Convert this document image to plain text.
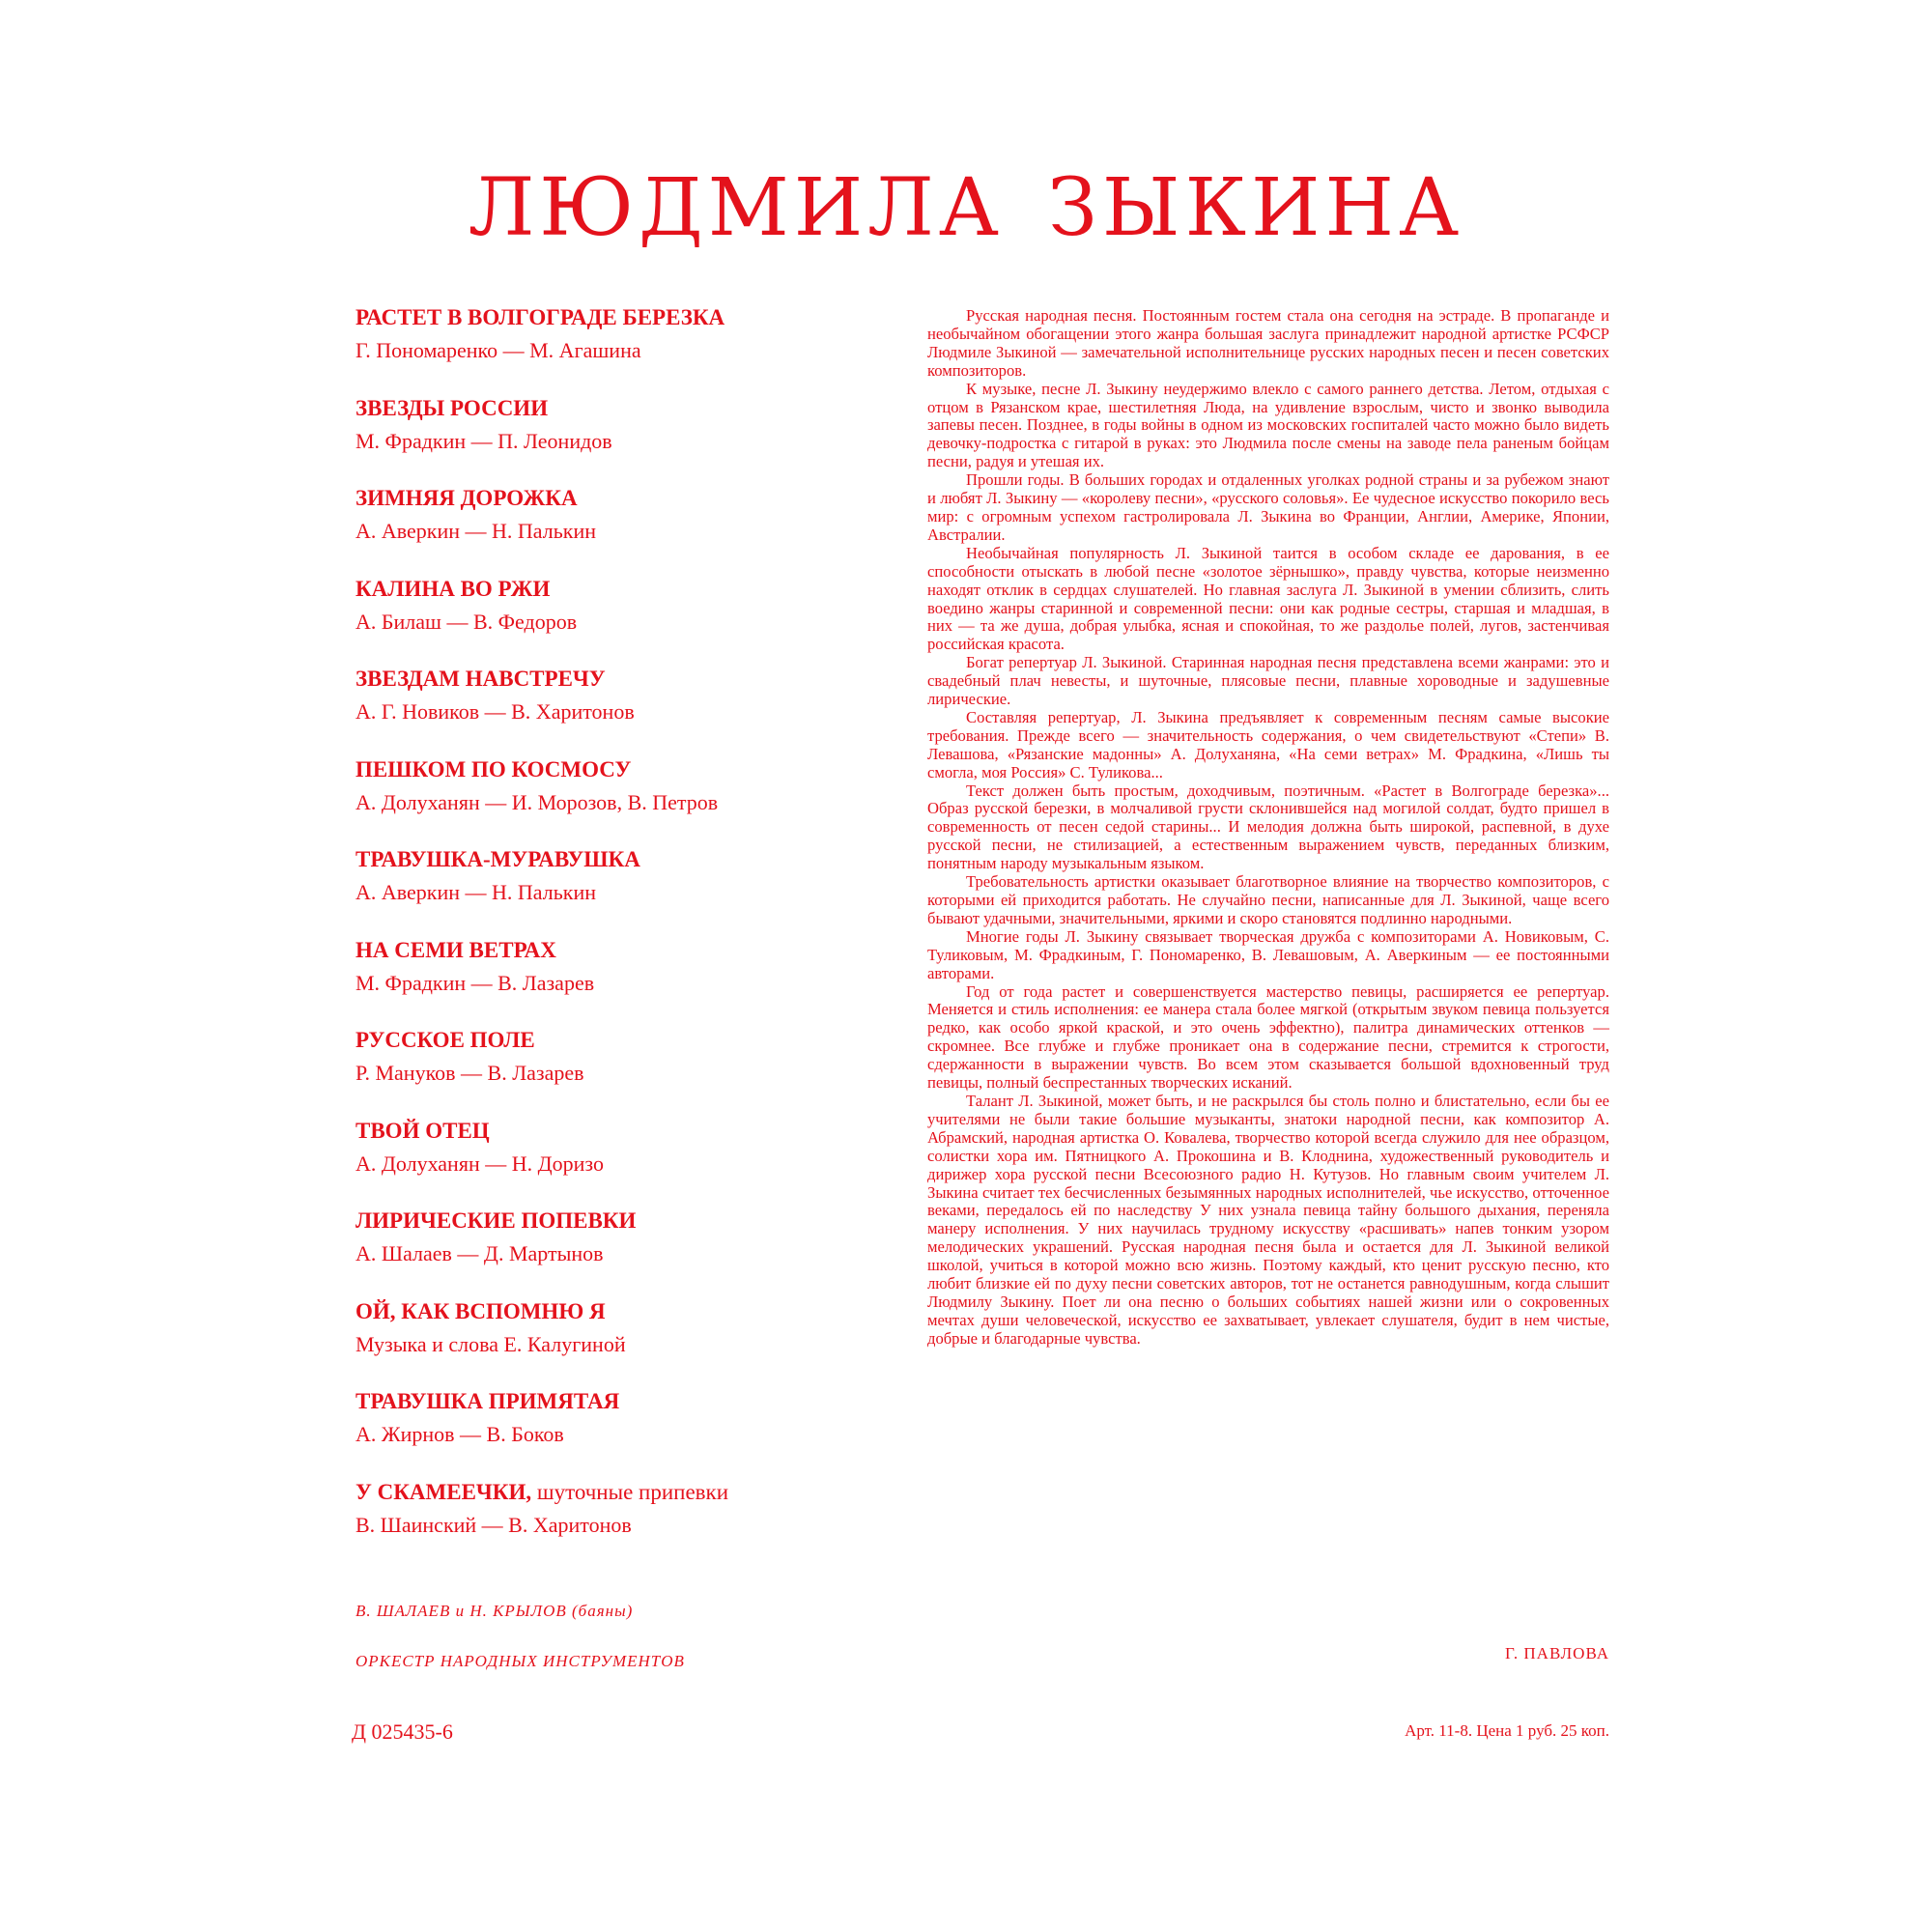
ЛЮДМИЛА ЗЫКИНА
РАСТЕТ В ВОЛГОГРАДЕ БЕРЕЗКА
Г. Пономаренко — М. Агашина
ЗВЕЗДЫ РОССИИ
М. Фрадкин — П. Леонидов
ЗИМНЯЯ ДОРОЖКА
А. Аверкин — Н. Палькин
КАЛИНА ВО РЖИ
А. Билаш — В. Федоров
ЗВЕЗДАМ НАВСТРЕЧУ
А. Г. Новиков — В. Харитонов
ПЕШКОМ ПО КОСМОСУ
А. Долуханян — И. Морозов, В. Петров
ТРАВУШКА-МУРАВУШКА
А. Аверкин — Н. Палькин
НА СЕМИ ВЕТРАХ
М. Фрадкин — В. Лазарев
РУССКОЕ ПОЛЕ
Р. Мануков — В. Лазарев
ТВОЙ ОТЕЦ
А. Долуханян — Н. Доризо
ЛИРИЧЕСКИЕ ПОПЕВКИ
А. Шалаев — Д. Мартынов
ОЙ, КАК ВСПОМНЮ Я
Музыка и слова Е. Калугиной
ТРАВУШКА ПРИМЯТАЯ
А. Жирнов — В. Боков
У СКАМЕЕЧКИ, шуточные припевки
В. Шаинский — В. Харитонов
В. ШАЛАЕВ и Н. КРЫЛОВ (баяны)
ОРКЕСТР НАРОДНЫХ ИНСТРУМЕНТОВ
Д 025435-6

Русская народная песня. Постоянным гостем стала она сегодня на эстраде. В пропаганде и необычайном обогащении этого жанра большая заслуга принадлежит народной артистке РСФСР Людмиле Зыкиной — замечательной исполнительнице русских народных песен и песен советских композиторов.

К музыке, песне Л. Зыкину неудержимо влекло с самого раннего детства. Летом, отдыхая с отцом в Рязанском крае, шестилетняя Люда, на удивление взрослым, чисто и звонко выводила запевы песен. Позднее, в годы войны в одном из московских госпиталей часто можно было видеть девочку-подростка с гитарой в руках: это Людмила после смены на заводе пела раненым бойцам песни, радуя и утешая их.

Прошли годы. В больших городах и отдаленных уголках родной страны и за рубежом знают и любят Л. Зыкину — «королеву песни», «русского соловья». Ее чудесное искусство покорило весь мир: с огромным успехом гастролировала Л. Зыкина во Франции, Англии, Америке, Японии, Австралии.

Необычайная популярность Л. Зыкиной таится в особом складе ее дарования, в ее способности отыскать в любой песне «золотое зёрнышко», правду чувства, которые неизменно находят отклик в сердцах слушателей. Но главная заслуга Л. Зыкиной в умении сблизить, слить воедино жанры старинной и современной песни: они как родные сестры, старшая и младшая, в них — та же душа, добрая улыбка, ясная и спокойная, то же раздолье полей, лугов, застенчивая российская красота.

Богат репертуар Л. Зыкиной. Старинная народная песня представлена всеми жанрами: это и свадебный плач невесты, и шуточные, плясовые песни, плавные хороводные и задушевные лирические.

Составляя репертуар, Л. Зыкина предъявляет к современным песням самые высокие требования. Прежде всего — значительность содержания, о чем свидетельствуют «Степи» В. Левашова, «Рязанские мадонны» А. Долуханяна, «На семи ветрах» М. Фрадкина, «Лишь ты смогла, моя Россия» С. Туликова...

Текст должен быть простым, доходчивым, поэтичным. «Растет в Волгограде березка»... Образ русской березки, в молчаливой грусти склонившейся над могилой солдат, будто пришел в современность от песен седой старины... И мелодия должна быть широкой, распевной, в духе русской песни, не стилизацией, а естественным выражением чувств, переданных близким, понятным народу музыкальным языком.

Требовательность артистки оказывает благотворное влияние на творчество композиторов, с которыми ей приходится работать. Не случайно песни, написанные для Л. Зыкиной, чаще всего бывают удачными, значительными, яркими и скоро становятся подлинно народными.

Многие годы Л. Зыкину связывает творческая дружба с композиторами А. Новиковым, С. Туликовым, М. Фрадкиным, Г. Пономаренко, В. Левашовым, А. Аверкиным — ее постоянными авторами.

Год от года растет и совершенствуется мастерство певицы, расширяется ее репертуар. Меняется и стиль исполнения: ее манера стала более мягкой (открытым звуком певица пользуется редко, как особо яркой краской, и это очень эффектно), палитра динамических оттенков — скромнее. Все глубже и глубже проникает она в содержание песни, стремится к строгости, сдержанности в выражении чувств. Во всем этом сказывается большой вдохновенный труд певицы, полный беспрестанных творческих исканий.

Талант Л. Зыкиной, может быть, и не раскрылся бы столь полно и блистательно, если бы ее учителями не были такие большие музыканты, знатоки народной песни, как композитор А. Абрамский, народная артистка О. Ковалева, творчество которой всегда служило для нее образцом, солистки хора им. Пятницкого А. Прокошина и В. Клоднина, художественный руководитель и дирижер хора русской песни Всесоюзного радио Н. Кутузов. Но главным своим учителем Л. Зыкина считает тех бесчисленных безымянных народных исполнителей, чье искусство, отточенное веками, передалось ей по наследству У них узнала певица тайну большого дыхания, переняла манеру исполнения. У них научилась трудному искусству «расшивать» напев тонким узором мелодических украшений. Русская народная песня была и остается для Л. Зыкиной великой школой, учиться в которой можно всю жизнь. Поэтому каждый, кто ценит русскую песню, кто любит близкие ей по духу песни советских авторов, тот не останется равнодушным, когда слышит Людмилу Зыкину. Поет ли она песню о больших событиях нашей жизни или о сокровенных мечтах души человеческой, искусство ее захватывает, увлекает слушателя, будит в нем чистые, добрые и благодарные чувства.

Г. ПАВЛОВА
Арт. 11-8. Цена 1 руб. 25 коп.
